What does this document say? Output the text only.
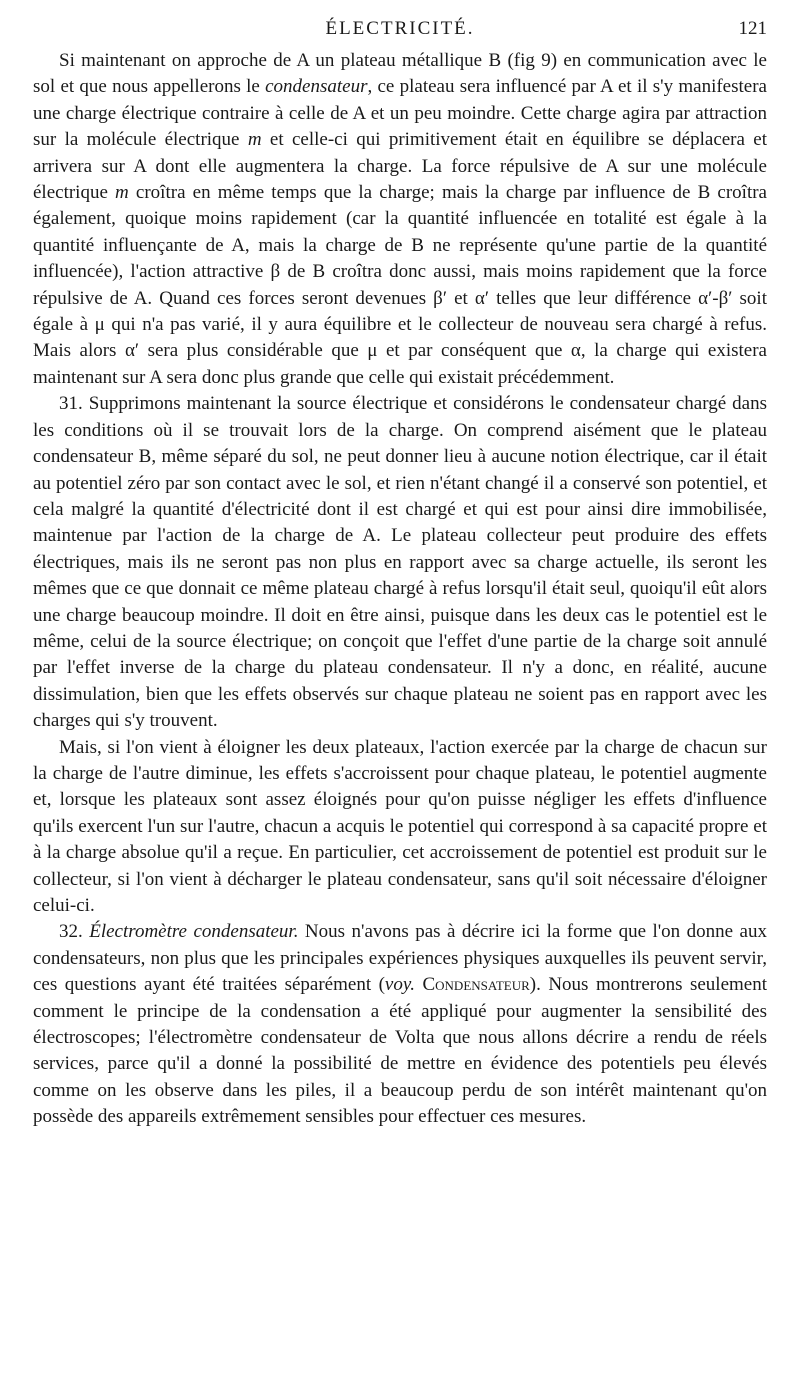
ÉLECTRICITÉ.	121

Si maintenant on approche de A un plateau métallique B (fig 9) en communication avec le sol et que nous appellerons le condensateur, ce plateau sera influencé par A et il s'y manifestera une charge électrique contraire à celle de A et un peu moindre. Cette charge agira par attraction sur la molécule électrique m et celle-ci qui primitivement était en équilibre se déplacera et arrivera sur A dont elle augmentera la charge. La force répulsive de A sur une molécule électrique m croîtra en même temps que la charge; mais la charge par influence de B croîtra également, quoique moins rapidement (car la quantité influencée en totalité est égale à la quantité influençante de A, mais la charge de B ne représente qu'une partie de la quantité influencée), l'action attractive β de B croîtra donc aussi, mais moins rapidement que la force répulsive de A. Quand ces forces seront devenues β′ et α′ telles que leur différence α′-β′ soit égale à μ qui n'a pas varié, il y aura équilibre et le collecteur de nouveau sera chargé à refus. Mais alors α′ sera plus considérable que μ et par conséquent que α, la charge qui existera maintenant sur A sera donc plus grande que celle qui existait précédemment.

31. Supprimons maintenant la source électrique et considérons le condensateur chargé dans les conditions où il se trouvait lors de la charge. On comprend aisément que le plateau condensateur B, même séparé du sol, ne peut donner lieu à aucune notion électrique, car il était au potentiel zéro par son contact avec le sol, et rien n'étant changé il a conservé son potentiel, et cela malgré la quantité d'électricité dont il est chargé et qui est pour ainsi dire immobilisée, maintenue par l'action de la charge de A. Le plateau collecteur peut produire des effets électriques, mais ils ne seront pas non plus en rapport avec sa charge actuelle, ils seront les mêmes que ce que donnait ce même plateau chargé à refus lorsqu'il était seul, quoiqu'il eût alors une charge beaucoup moindre. Il doit en être ainsi, puisque dans les deux cas le potentiel est le même, celui de la source électrique; on conçoit que l'effet d'une partie de la charge soit annulé par l'effet inverse de la charge du plateau condensateur. Il n'y a donc, en réalité, aucune dissimulation, bien que les effets observés sur chaque plateau ne soient pas en rapport avec les charges qui s'y trouvent.

Mais, si l'on vient à éloigner les deux plateaux, l'action exercée par la charge de chacun sur la charge de l'autre diminue, les effets s'accroissent pour chaque plateau, le potentiel augmente et, lorsque les plateaux sont assez éloignés pour qu'on puisse négliger les effets d'influence qu'ils exercent l'un sur l'autre, chacun a acquis le potentiel qui correspond à sa capacité propre et à la charge absolue qu'il a reçue. En particulier, cet accroissement de potentiel est produit sur le collecteur, si l'on vient à décharger le plateau condensateur, sans qu'il soit nécessaire d'éloigner celui-ci.

32. Électromètre condensateur. Nous n'avons pas à décrire ici la forme que l'on donne aux condensateurs, non plus que les principales expériences physiques auxquelles ils peuvent servir, ces questions ayant été traitées séparément (voy. Condensateur). Nous montrerons seulement comment le principe de la condensation a été appliqué pour augmenter la sensibilité des électroscopes; l'électromètre condensateur de Volta que nous allons décrire a rendu de réels services, parce qu'il a donné la possibilité de mettre en évidence des potentiels peu élevés comme on les observe dans les piles, il a beaucoup perdu de son intérêt maintenant qu'on possède des appareils extrêmement sensibles pour effectuer ces mesures.
